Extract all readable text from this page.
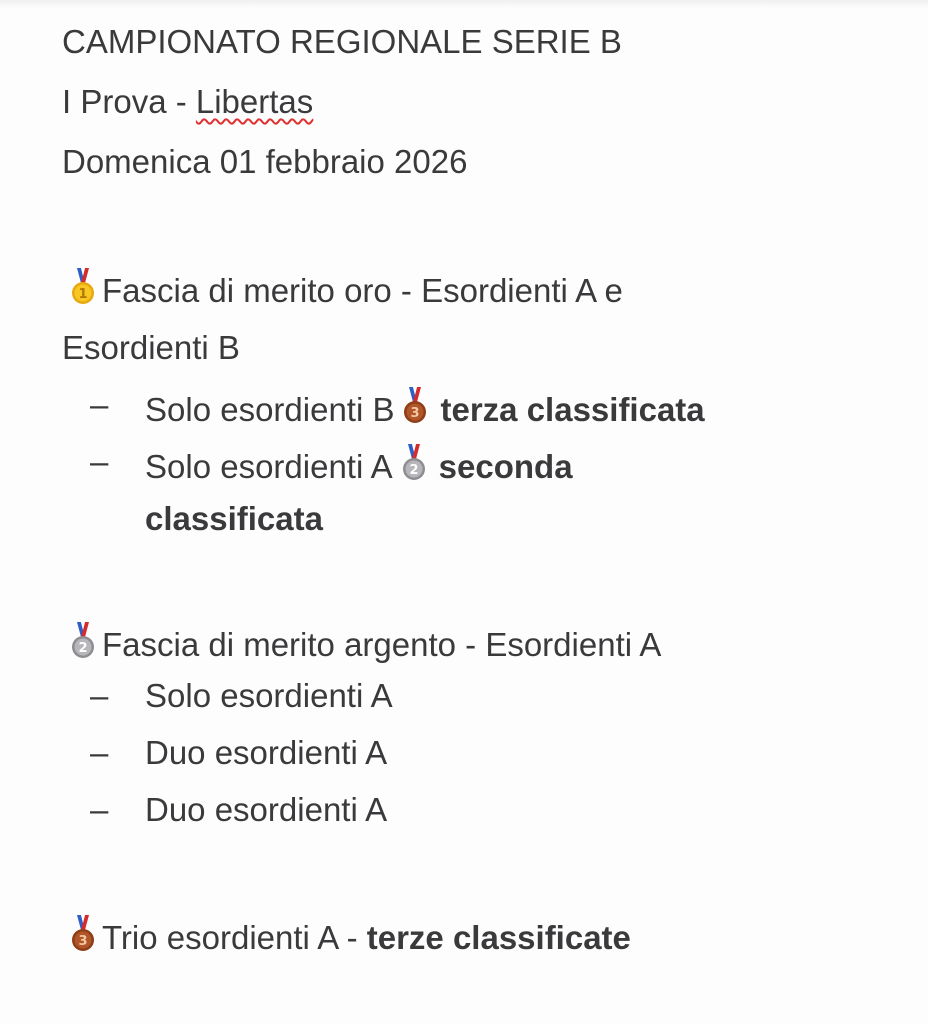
CAMPIONATO REGIONALE SERIE B
I Prova - Libertas
Domenica 01 febbraio 2026
1 Fascia di merito oro - Esordienti A e
Esordienti B
– Solo esordienti B 3 terza classificata
– Solo esordienti A 2 seconda
classificata
2 Fascia di merito argento - Esordienti A
– Solo esordienti A
– Duo esordienti A
– Duo esordienti A
3 Trio esordienti A - terze classificate
